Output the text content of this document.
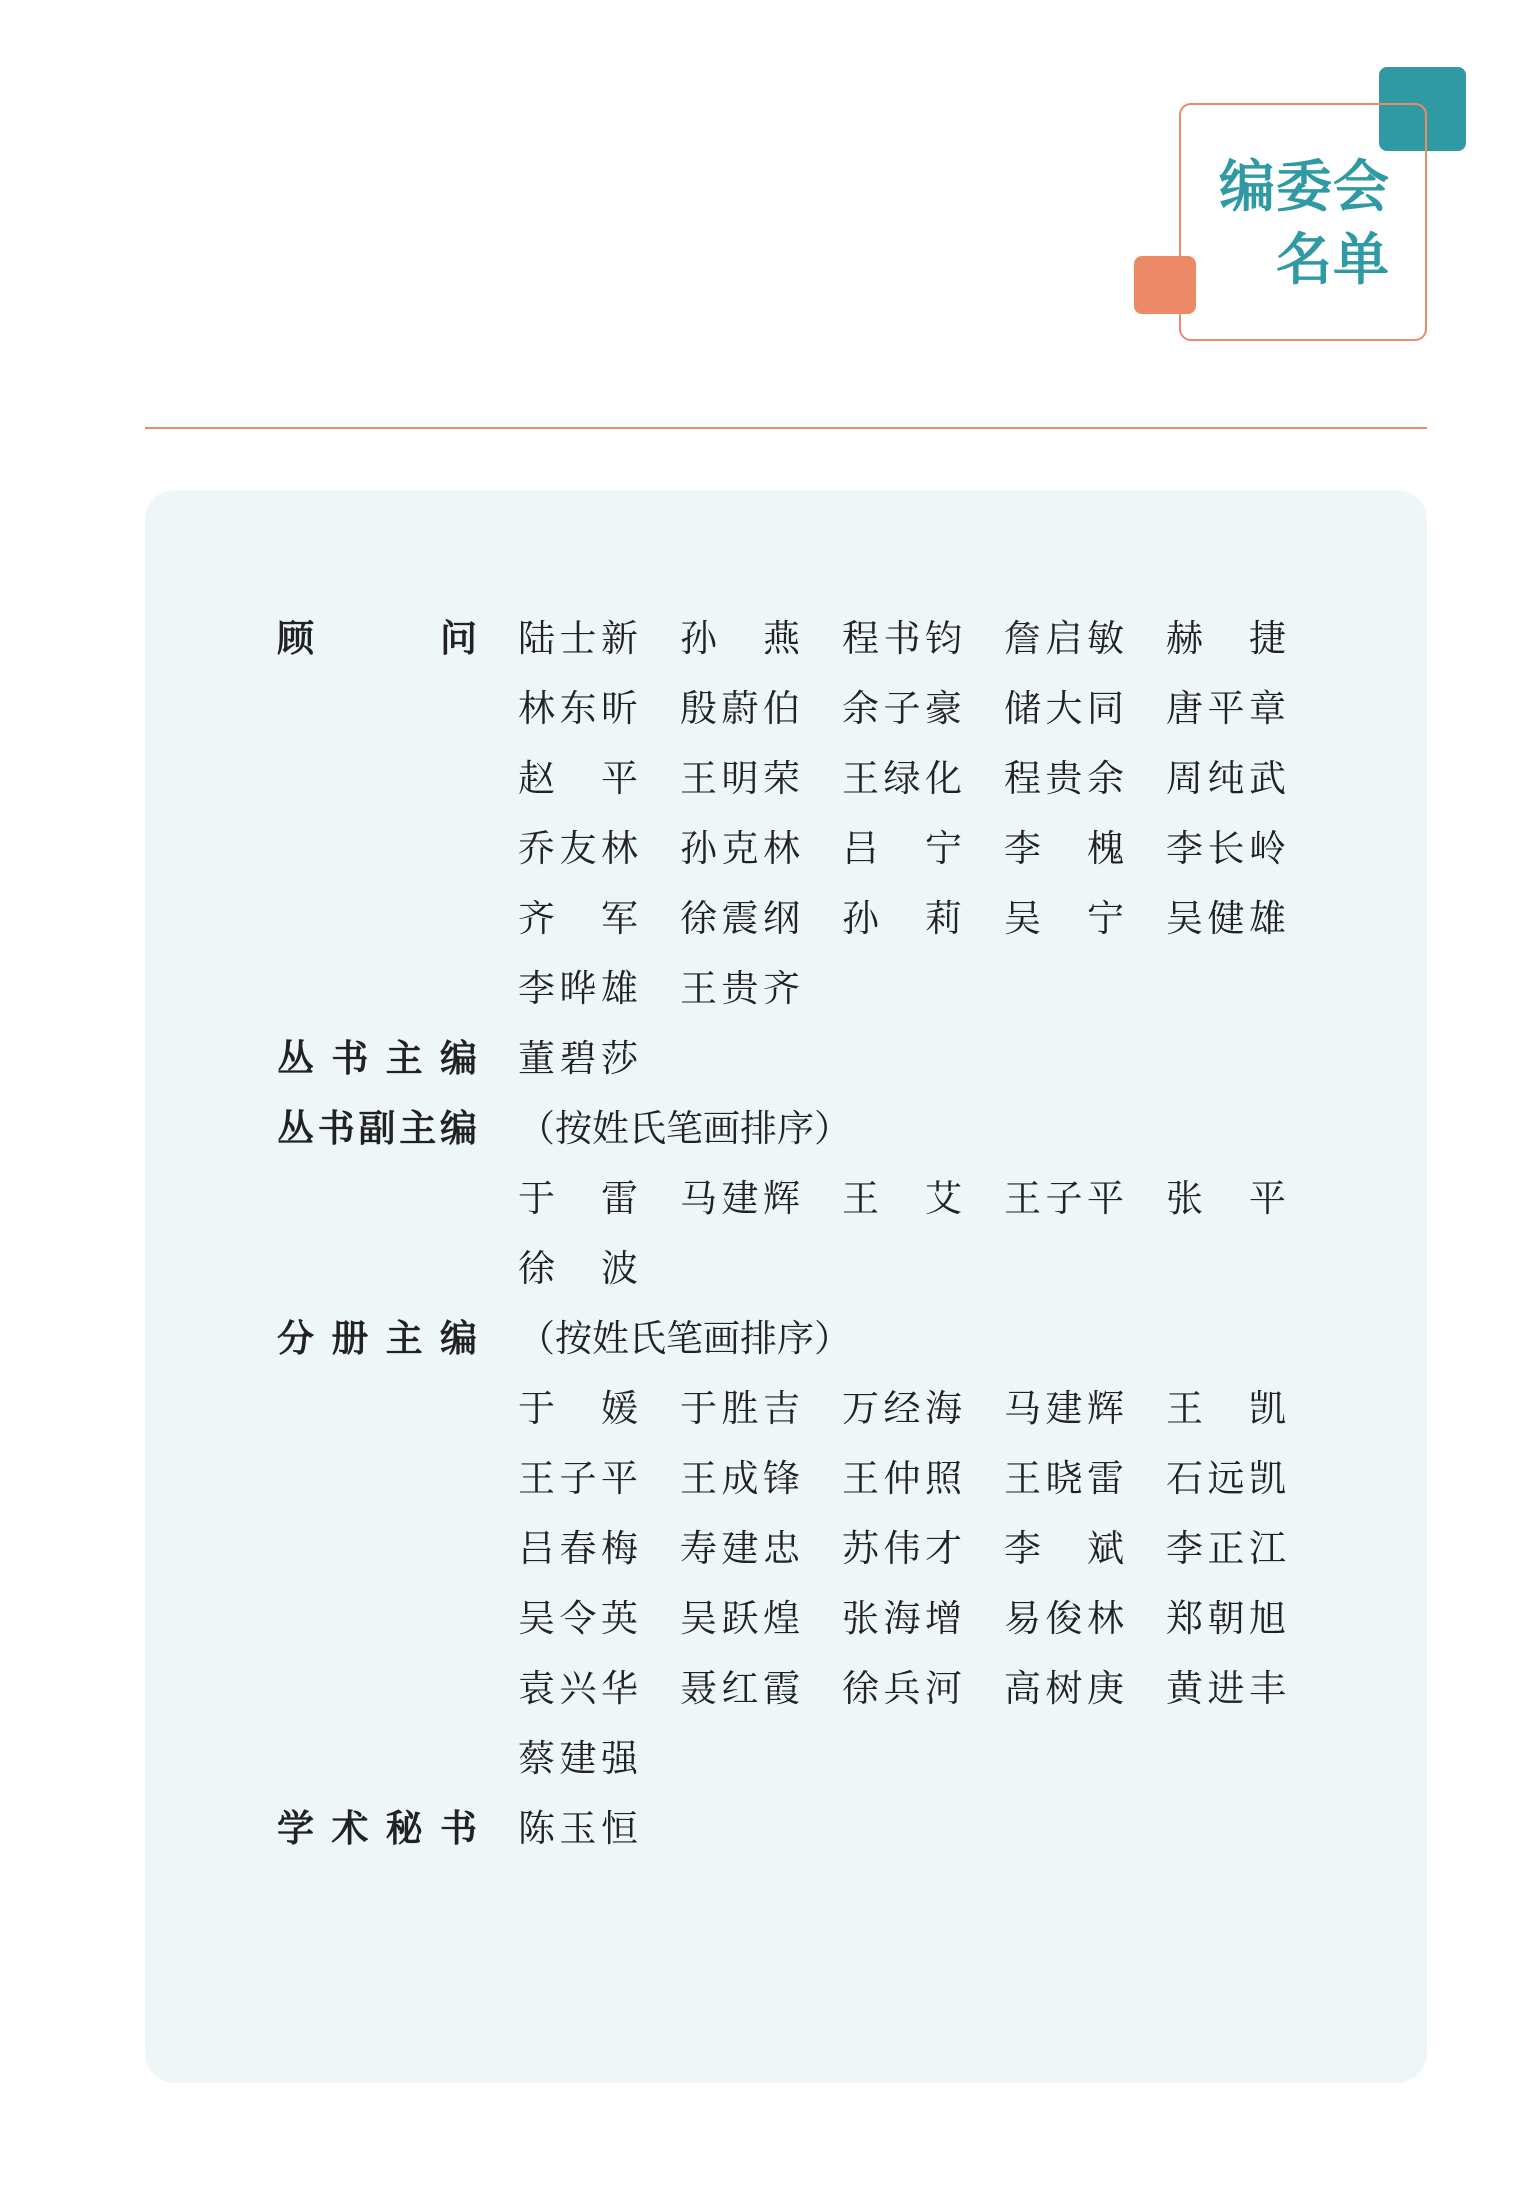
编委会
名单
顾	问 陆 士 新 孙 燕 程 书 钧 詹 启 敏 赫 捷
林 东 昕 殷 蔚 伯 余 子 豪 储 大 同 唐 平 章
赵 平 王 明 荣 王 绿 化 程 贵 余 周 纯 武
乔 友 林 孙 克 林 吕 宁 李 槐 李 长 岭
齐 军 徐 震 纲 孙 莉 吴 宁 吴 健 雄
李 晔 雄 王 贵 齐
丛 书 主 编 董 碧 莎
丛 书 副 主 编 （按姓氏笔画排序）
于 雷 马 建 辉 王 艾 王 子 平 张 平
徐 波
分 册 主 编 （按姓氏笔画排序）
于 媛 于 胜 吉 万 经 海 马 建 辉 王 凯
王 子 平 王 成 锋 王 仲 照 王 晓 雷 石 远 凯
吕 春 梅 寿 建 忠 苏 伟 才 李 斌 李 正 江
吴 令 英 吴 跃 煌 张 海 增 易 俊 林 郑 朝 旭
袁 兴 华 聂 红 霞 徐 兵 河 高 树 庚 黄 进 丰
蔡 建 强
学 术 秘 书 陈 玉 恒
